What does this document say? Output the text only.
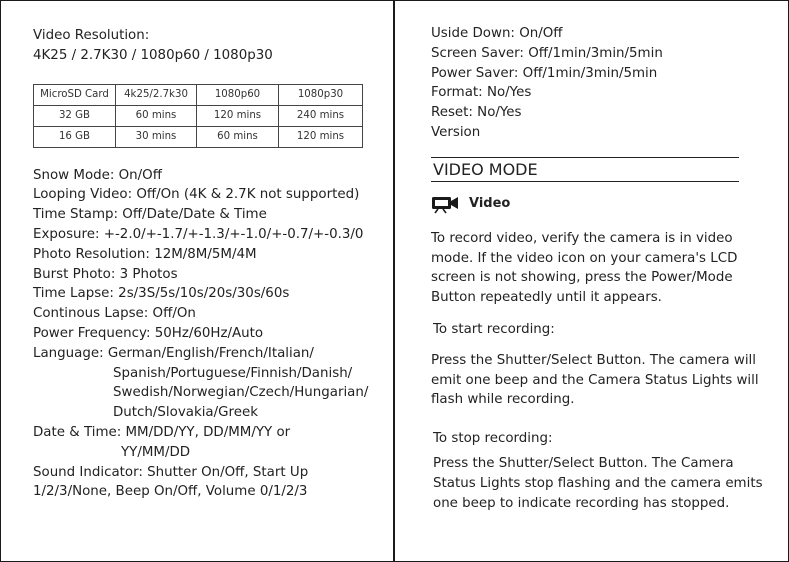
Video Resolution:
4K25 / 2.7K30 / 1080p60 / 1080p30
MicroSD Card	4k25/2.7k30	1080p60	1080p30
32 GB	60 mins	120 mins	240 mins
16 GB	30 mins	60 mins	120 mins
Snow Mode: On/Off
Looping Video: Off/On (4K & 2.7K not supported)
Time Stamp: Off/Date/Date & Time
Exposure: +-2.0/+-1.7/+-1.3/+-1.0/+-0.7/+-0.3/0
Photo Resolution: 12M/8M/5M/4M
Burst Photo: 3 Photos
Time Lapse: 2s/3S/5s/10s/20s/30s/60s
Continous Lapse: Off/On
Power Frequency: 50Hz/60Hz/Auto
Language: German/English/French/Italian/
Spanish/Portuguese/Finnish/Danish/
Swedish/Norwegian/Czech/Hungarian/
Dutch/Slovakia/Greek
Date & Time: MM/DD/YY, DD/MM/YY or
YY/MM/DD
Sound Indicator: Shutter On/Off, Start Up
1/2/3/None, Beep On/Off, Volume 0/1/2/3
Uside Down: On/Off
Screen Saver: Off/1min/3min/5min
Power Saver: Off/1min/3min/5min
Format: No/Yes
Reset: No/Yes
Version
VIDEO MODE
Video
To record video, verify the camera is in video
mode. If the video icon on your camera's LCD
screen is not showing, press the Power/Mode
Button repeatedly until it appears.
To start recording:
Press the Shutter/Select Button. The camera will
emit one beep and the Camera Status Lights will
flash while recording.
To stop recording:
Press the Shutter/Select Button. The Camera
Status Lights stop flashing and the camera emits
one beep to indicate recording has stopped.
